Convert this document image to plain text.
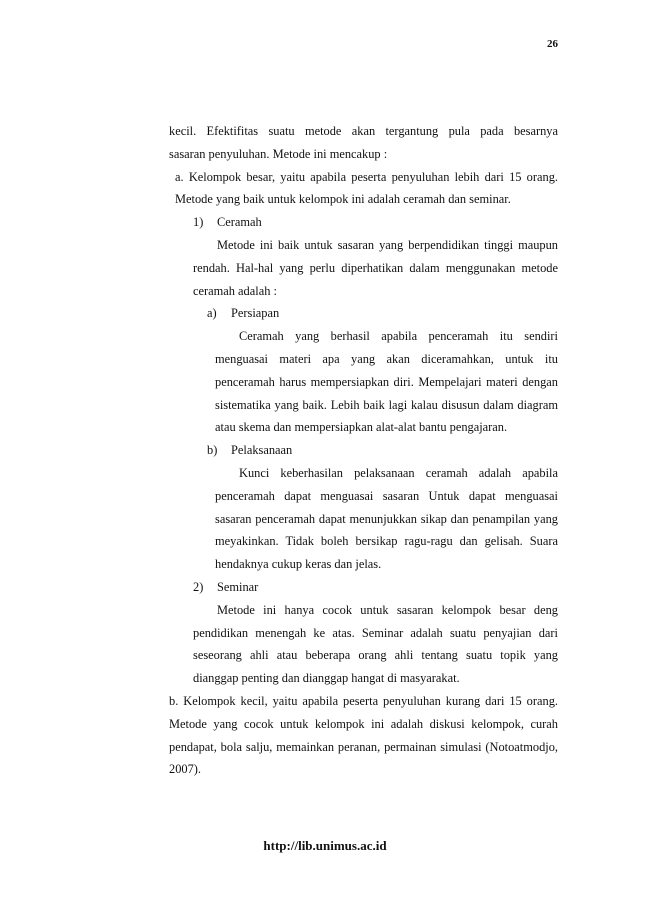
26

kecil. Efektifitas suatu metode akan tergantung pula pada besarnya

sasaran penyuluhan. Metode ini mencakup :

a. Kelompok besar, yaitu apabila peserta penyuluhan lebih dari 15 orang. Metode yang baik untuk kelompok ini adalah ceramah dan seminar.

1)	Ceramah

Metode ini baik untuk sasaran yang berpendidikan tinggi maupun rendah. Hal-hal yang perlu diperhatikan dalam menggunakan metode ceramah adalah :

a)	Persiapan

Ceramah yang berhasil apabila penceramah itu sendiri menguasai materi apa yang akan diceramahkan, untuk itu penceramah harus mempersiapkan diri. Mempelajari materi dengan sistematika yang baik. Lebih baik lagi kalau disusun dalam diagram atau skema dan mempersiapkan alat-alat bantu pengajaran.

b)	Pelaksanaan

Kunci keberhasilan pelaksanaan ceramah adalah apabila penceramah dapat menguasai sasaran Untuk dapat menguasai sasaran penceramah dapat menunjukkan sikap dan penampilan yang meyakinkan. Tidak boleh bersikap ragu-ragu dan gelisah. Suara hendaknya cukup keras dan jelas.

2)	Seminar

Metode ini hanya cocok untuk sasaran kelompok besar deng pendidikan menengah ke atas. Seminar adalah suatu penyajian dari seseorang ahli atau beberapa orang ahli tentang suatu topik yang dianggap penting dan dianggap hangat di masyarakat.

b. Kelompok kecil, yaitu apabila peserta penyuluhan kurang dari 15 orang. Metode yang cocok untuk kelompok ini adalah diskusi kelompok, curah pendapat, bola salju, memainkan peranan, permainan simulasi (Notoatmodjo, 2007).

http://lib.unimus.ac.id
